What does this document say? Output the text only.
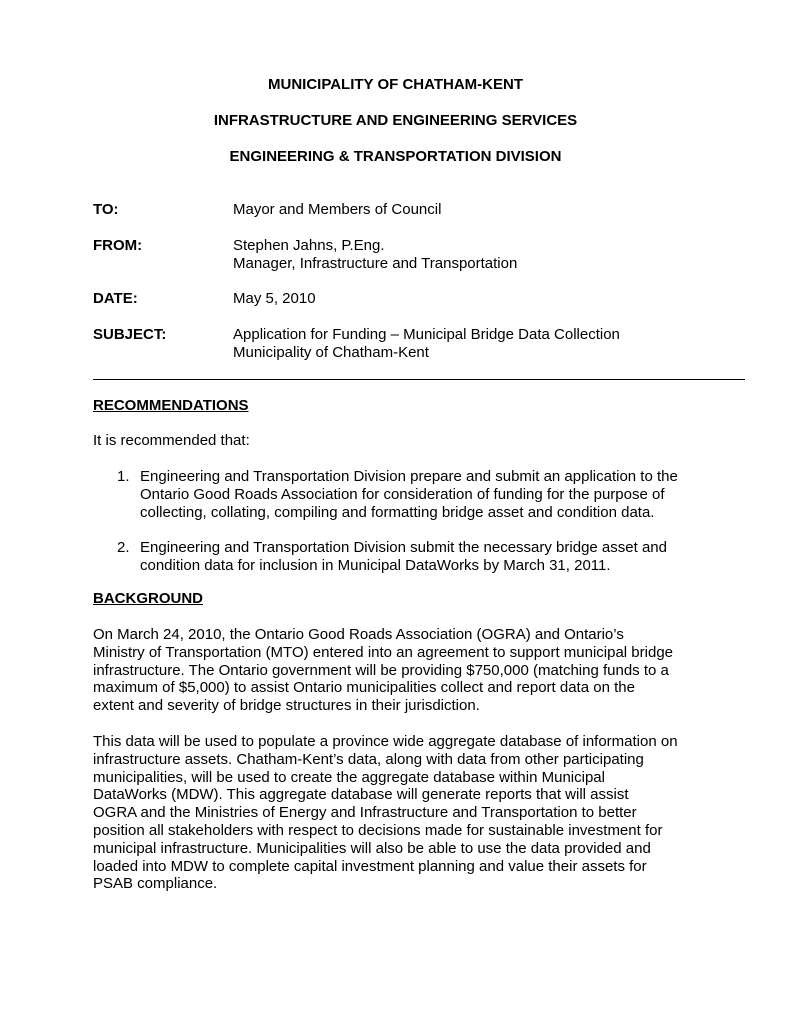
MUNICIPALITY OF CHATHAM-KENT

INFRASTRUCTURE AND ENGINEERING SERVICES

ENGINEERING & TRANSPORTATION DIVISION

TO:	Mayor and Members of Council

FROM:	Stephen Jahns, P.Eng.
Manager, Infrastructure and Transportation

DATE:	May 5, 2010

SUBJECT:	Application for Funding – Municipal Bridge Data Collection
Municipality of Chatham-Kent

RECOMMENDATIONS

It is recommended that:

1. Engineering and Transportation Division prepare and submit an application to the
Ontario Good Roads Association for consideration of funding for the purpose of
collecting, collating, compiling and formatting bridge asset and condition data.

2. Engineering and Transportation Division submit the necessary bridge asset and
condition data for inclusion in Municipal DataWorks by March 31, 2011.

BACKGROUND

On March 24, 2010, the Ontario Good Roads Association (OGRA) and Ontario’s
Ministry of Transportation (MTO) entered into an agreement to support municipal bridge
infrastructure. The Ontario government will be providing $750,000 (matching funds to a
maximum of $5,000) to assist Ontario municipalities collect and report data on the
extent and severity of bridge structures in their jurisdiction.

This data will be used to populate a province wide aggregate database of information on
infrastructure assets. Chatham-Kent’s data, along with data from other participating
municipalities, will be used to create the aggregate database within Municipal
DataWorks (MDW). This aggregate database will generate reports that will assist
OGRA and the Ministries of Energy and Infrastructure and Transportation to better
position all stakeholders with respect to decisions made for sustainable investment for
municipal infrastructure. Municipalities will also be able to use the data provided and
loaded into MDW to complete capital investment planning and value their assets for
PSAB compliance.
